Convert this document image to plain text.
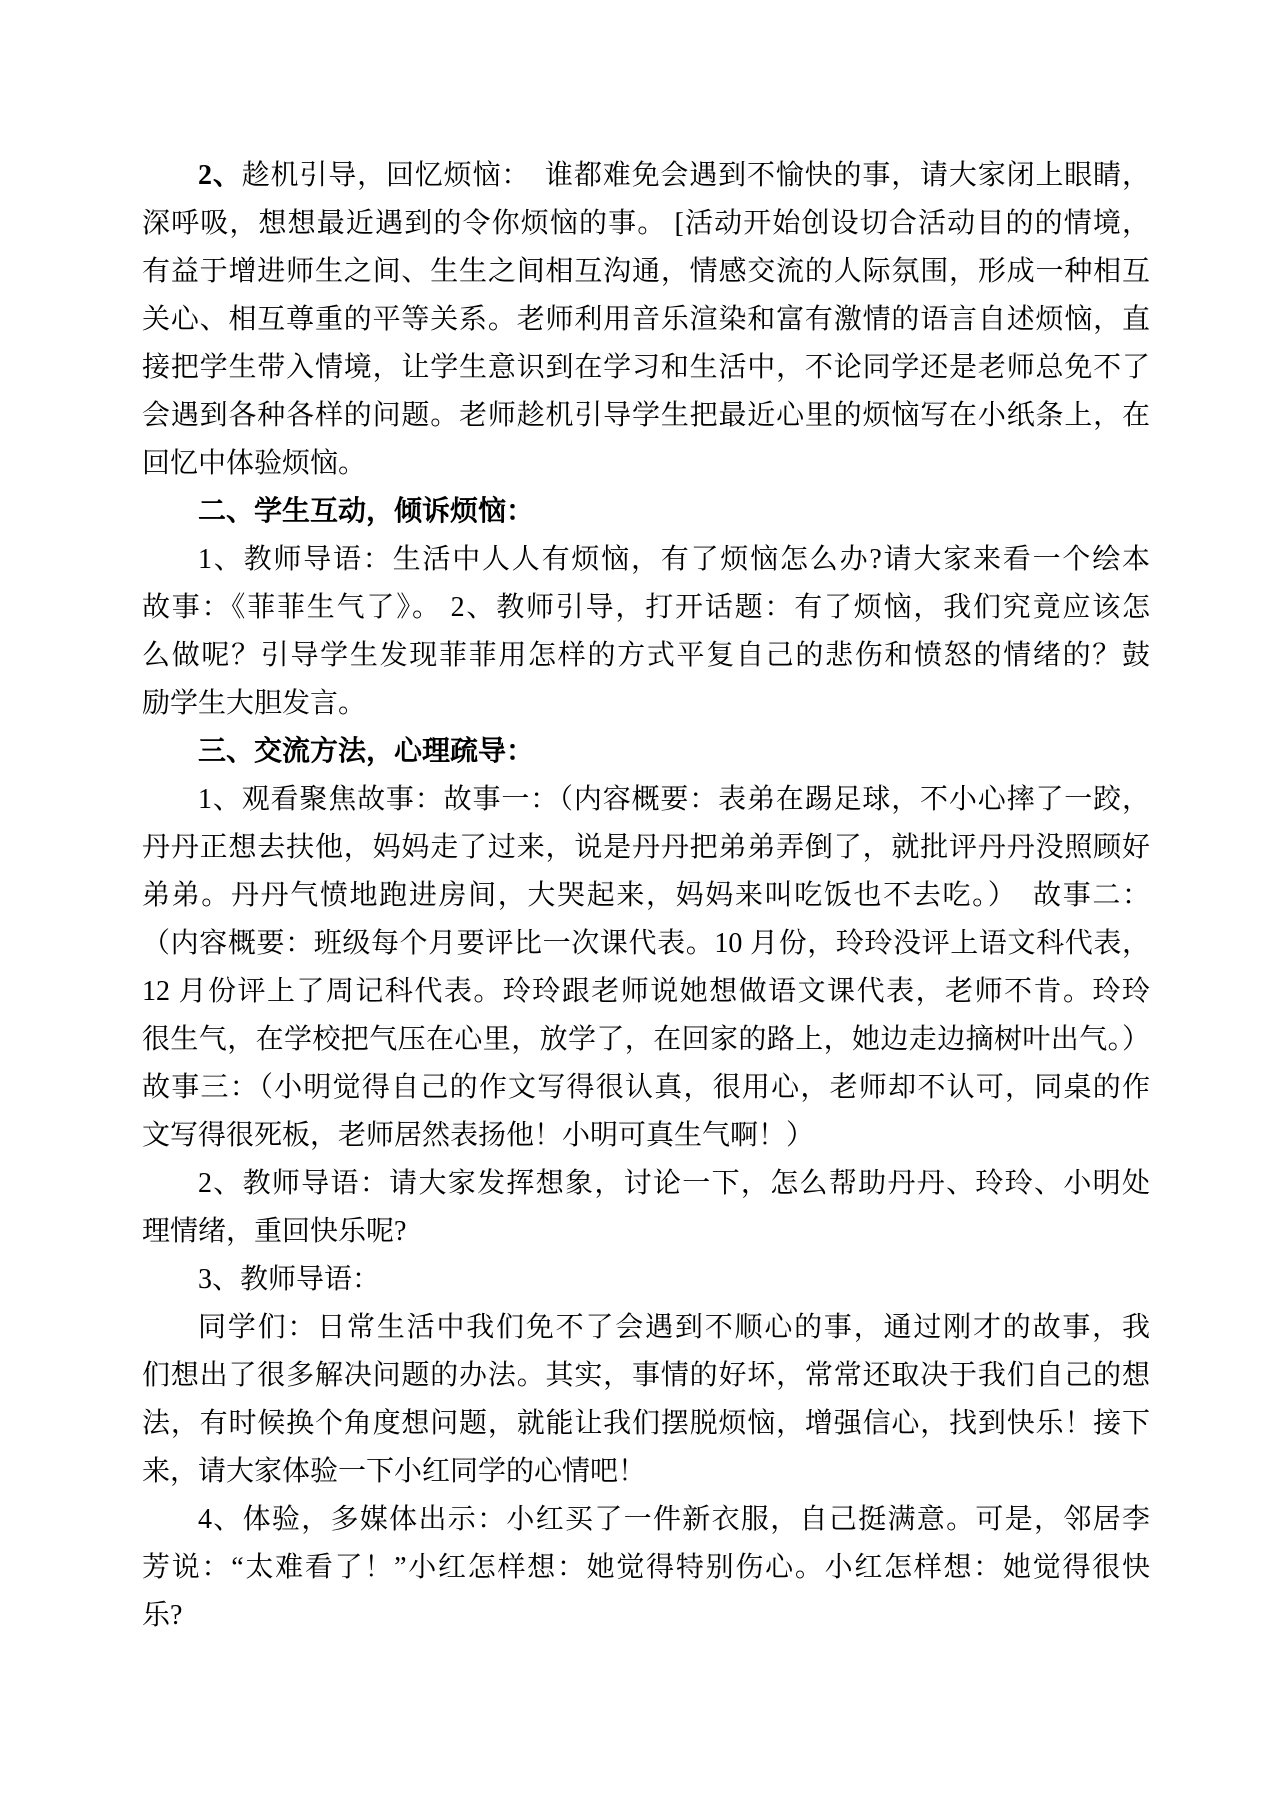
2、趁机引导，回忆烦恼：　谁都难免会遇到不愉快的事，请大家闭上眼睛，
深呼吸，想想最近遇到的令你烦恼的事。 [活动开始创设切合活动目的的情境，
有益于增进师生之间、生生之间相互沟通，情感交流的人际氛围，形成一种相互
关心、相互尊重的平等关系。老师利用音乐渲染和富有激情的语言自述烦恼，直
接把学生带入情境，让学生意识到在学习和生活中，不论同学还是老师总免不了
会遇到各种各样的问题。老师趁机引导学生把最近心里的烦恼写在小纸条上，在
回忆中体验烦恼。
二、学生互动，倾诉烦恼：
1、教师导语：生活中人人有烦恼，有了烦恼怎么办?请大家来看一个绘本
故事：《菲菲生气了》。 2、教师引导，打开话题：有了烦恼，我们究竟应该怎
么做呢？引导学生发现菲菲用怎样的方式平复自己的悲伤和愤怒的情绪的？鼓
励学生大胆发言。
三、交流方法，心理疏导：
1、观看聚焦故事：故事一：（内容概要：表弟在踢足球，不小心摔了一跤，
丹丹正想去扶他，妈妈走了过来，说是丹丹把弟弟弄倒了，就批评丹丹没照顾好
弟弟。丹丹气愤地跑进房间，大哭起来，妈妈来叫吃饭也不去吃。）　故事二：
（内容概要：班级每个月要评比一次课代表。10 月份，玲玲没评上语文科代表，
12 月份评上了周记科代表。玲玲跟老师说她想做语文课代表，老师不肯。玲玲
很生气，在学校把气压在心里，放学了，在回家的路上，她边走边摘树叶出气。）
故事三：（小明觉得自己的作文写得很认真，很用心，老师却不认可，同桌的作
文写得很死板，老师居然表扬他！小明可真生气啊！）
2、教师导语：请大家发挥想象，讨论一下，怎么帮助丹丹、玲玲、小明处
理情绪，重回快乐呢?
3、教师导语：
同学们：日常生活中我们免不了会遇到不顺心的事，通过刚才的故事，我
们想出了很多解决问题的办法。其实，事情的好坏，常常还取决于我们自己的想
法，有时候换个角度想问题，就能让我们摆脱烦恼，增强信心，找到快乐！接下
来，请大家体验一下小红同学的心情吧！
4、体验，多媒体出示：小红买了一件新衣服，自己挺满意。可是，邻居李
芳说：“太难看了！”小红怎样想：她觉得特别伤心。小红怎样想：她觉得很快
乐?
